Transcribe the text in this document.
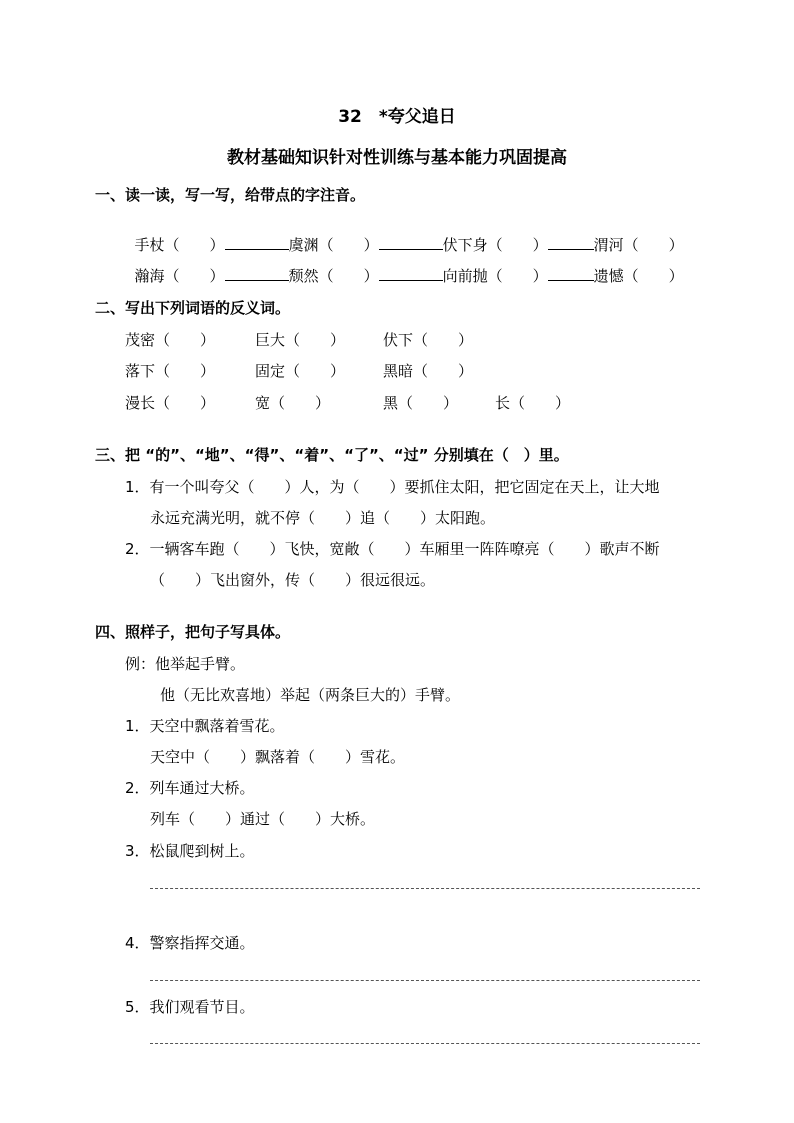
32　*夸父追日
教材基础知识针对性训练与基本能力巩固提高
一、读一读，写一写，给带点的字注音。

手杖（　　）	虞渊（　　）	伏下身（　　）	渭河（　　）

瀚海（　　）	颓然（　　）	向前抛（　　）	遗憾（　　）

二、写出下列词语的反义词。
茂密（　　）	巨大（　　）	伏下（　　）
落下（　　）	固定（　　）	黑暗（　　）
漫长（　　）	宽（　　）	黑（　　） 长（　　）
三、把 “的”、“地”、“得”、“着”、“了”、“过” 分别填在（　）里。
1．有一个叫夸父（　　）人，为（　　）要抓住太阳，把它固定在天上，让大地
永远充满光明，就不停（　　）追（　　）太阳跑。
2．一辆客车跑（　　）飞快，宽敞（　　）车厢里一阵阵嘹亮（　　）歌声不断
（　　）飞出窗外，传（　　）很远很远。
四、照样子，把句子写具体。
例：他举起手臂。
他（无比欢喜地）举起（两条巨大的）手臂。
1．天空中飘落着雪花。
天空中（　　）飘落着（　　）雪花。
2．列车通过大桥。
列车（　　）通过（　　）大桥。
3．松鼠爬到树上。
4．警察指挥交通。
5．我们观看节目。
